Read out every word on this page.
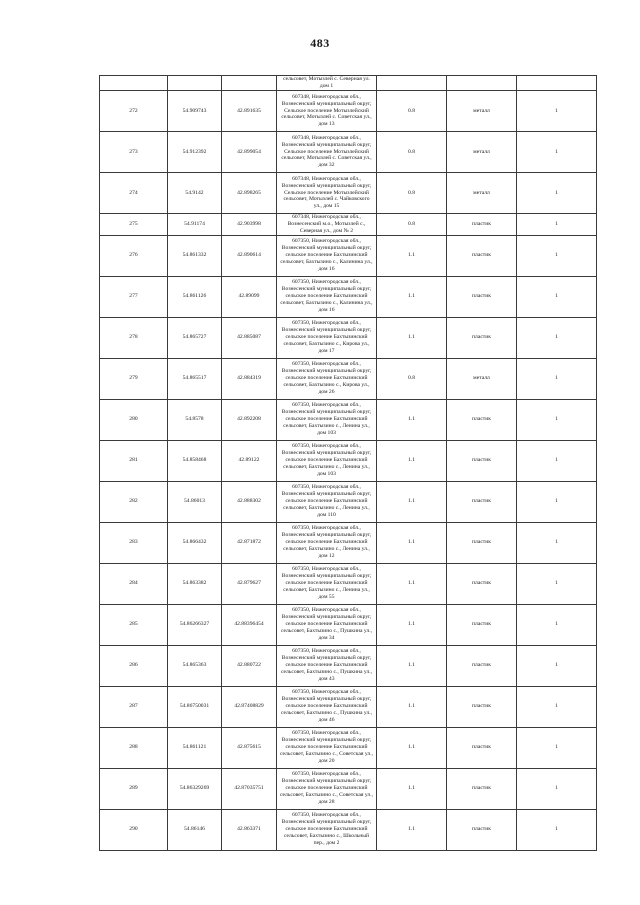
483
			сельсовет, Мотызлей с. Северная ул. дом 1			
272	54.909743	42.891635	607348, Нижегородская обл., Вознесенский муниципальный округ, Сельское поселение Мотызлейский сельсовет, Мотызлей с. Советская ул., дом 13	0.8	металл	1
273	54.912392	42.899054	607348, Нижегородская обл., Вознесенский муниципальный округ, Сельское поселение Мотызлейский сельсовет, Мотызлей с. Советская ул., дом 32	0.8	металл	1
274	54.9142	42.898265	607348, Нижегородская обл., Вознесенский муниципальный округ, Сельское поселение Мотызлейский сельсовет, Мотызлей с. Чайковского ул., дом 15	0.8	металл	1
275	54.91174	42.903998	607348, Нижегородская обл., Вознесенский м.о., Мотызлей с., Северная ул., дом № 2	0.8	пластик	1
276	54.861332	42.890614	607350, Нижегородская обл., Вознесенский муниципальный округ, сельское поселение Бахтызинский сельсовет, Бахтызино с., Калинина ул., дом 16	1.1	пластик	1
277	54.861126	42.89099	607350, Нижегородская обл., Вознесенский муниципальный округ, сельское поселение Бахтызинский сельсовет, Бахтызино с., Калинина ул., дом 16	1.1	пластик	1
278	54.865727	42.885087	607350, Нижегородская обл., Вознесенский муниципальный округ, сельское поселение Бахтызинский сельсовет, Бахтызино с., Кирова ул., дом 17	1.1	пластик	1
279	54.865517	42.884319	607350, Нижегородская обл., Вознесенский муниципальный округ, сельское поселение Бахтызинский сельсовет, Бахтызино с., Кирова ул., дом 26	0.8	металл	1
280	54.8578	42.892208	607350, Нижегородская обл., Вознесенский муниципальный округ, сельское поселение Бахтызинский сельсовет, Бахтызино с., Ленина ул., дом 103	1.1	пластик	1
281	54.858468	42.89122	607350, Нижегородская обл., Вознесенский муниципальный округ, сельское поселение Бахтызинский сельсовет, Бахтызино с., Ленина ул., дом 103	1.1	пластик	1
282	54.86013	42.888302	607350, Нижегородская обл., Вознесенский муниципальный округ, сельское поселение Бахтызинский сельсовет, Бахтызино с., Ленина ул., дом 110	1.1	пластик	1
283	54.866432	42.871872	607350, Нижегородская обл., Вознесенский муниципальный округ, сельское поселение Бахтызинский сельсовет, Бахтызино с., Ленина ул., дом 12	1.1	пластик	1
284	54.863382	42.879627	607350, Нижегородская обл., Вознесенский муниципальный округ, сельское поселение Бахтызинский сельсовет, Бахтызино с., Ленина ул., дом 55	1.1	пластик	1
285	54.86266327	42.88396454	607350, Нижегородская обл., Вознесенский муниципальный округ, сельское поселение Бахтызинский сельсовет, Бахтызино с., Пушкина ул., дом 34	1.1	пластик	1
286	54.865363	42.880722	607350, Нижегородская обл., Вознесенский муниципальный округ, сельское поселение Бахтызинский сельсовет, Бахтызино с., Пушкина ул., дом 43	1.1	пластик	1
287	54.86750031	42.87408829	607350, Нижегородская обл., Вознесенский муниципальный округ, сельское поселение Бахтызинский сельсовет, Бахтызино с., Пушкина ул., дом 46	1.1	пластик	1
288	54.861121	42.875615	607350, Нижегородская обл., Вознесенский муниципальный округ, сельское поселение Бахтызинский сельсовет, Бахтызино с., Советская ул., дом 20	1.1	пластик	1
289	54.86329269	42.87035751	607350, Нижегородская обл., Вознесенский муниципальный округ, сельское поселение Бахтызинский сельсовет, Бахтызино с., Советская ул., дом 28	1.1	пластик	1
290	54.86146	42.863371	607350, Нижегородская обл., Вознесенский муниципальный округ, сельское поселение Бахтызинский сельсовет, Бахтызино с., Школьный пер., дом 2	1.1	пластик	1
